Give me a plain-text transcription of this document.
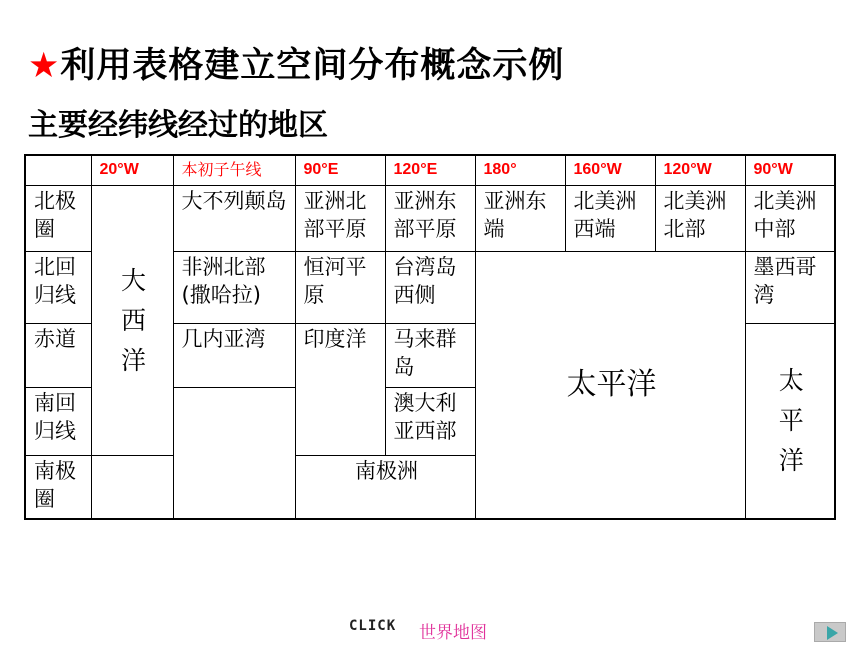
★利用表格建立空间分布概念示例
主要经纬线经过的地区
	20°W	本初子午线	90°E	120°E	180°	160°W	120°W	90°W
北极圈	大西洋	大不列颠岛	亚洲北部平原	亚洲东部平原	亚洲东端	北美洲西端	北美洲北部	北美洲中部
北回归线		非洲北部(撒哈拉)	恒河平原	台湾岛西侧	太平洋			墨西哥湾
赤道		几内亚湾	印度洋	马来群岛				太平洋

南回归线				澳大利亚西部				
南极圈			南极洲					
CLICK 世界地图
